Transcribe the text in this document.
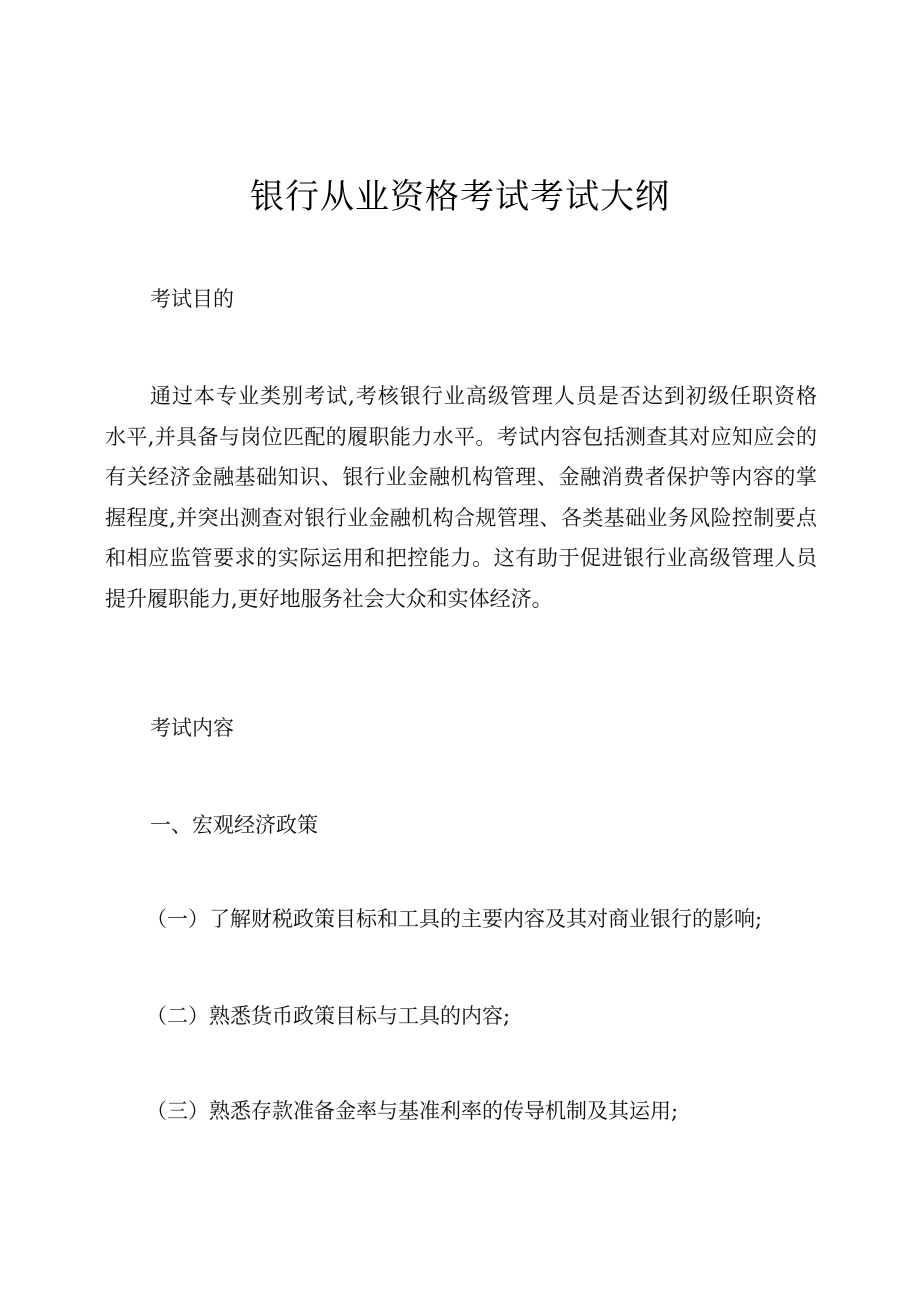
银行从业资格考试考试大纲

考试目的

通过本专业类别考试,考核银行业高级管理人员是否达到初级任职资格
水平,并具备与岗位匹配的履职能力水平。考试内容包括测查其对应知应会的
有关经济金融基础知识、银行业金融机构管理、金融消费者保护等内容的掌
握程度,并突出测查对银行业金融机构合规管理、各类基础业务风险控制要点
和相应监管要求的实际运用和把控能力。这有助于促进银行业高级管理人员
提升履职能力,更好地服务社会大众和实体经济。

考试内容

一、宏观经济政策

（一）了解财税政策目标和工具的主要内容及其对商业银行的影响;

（二）熟悉货币政策目标与工具的内容;

（三）熟悉存款准备金率与基准利率的传导机制及其运用;
